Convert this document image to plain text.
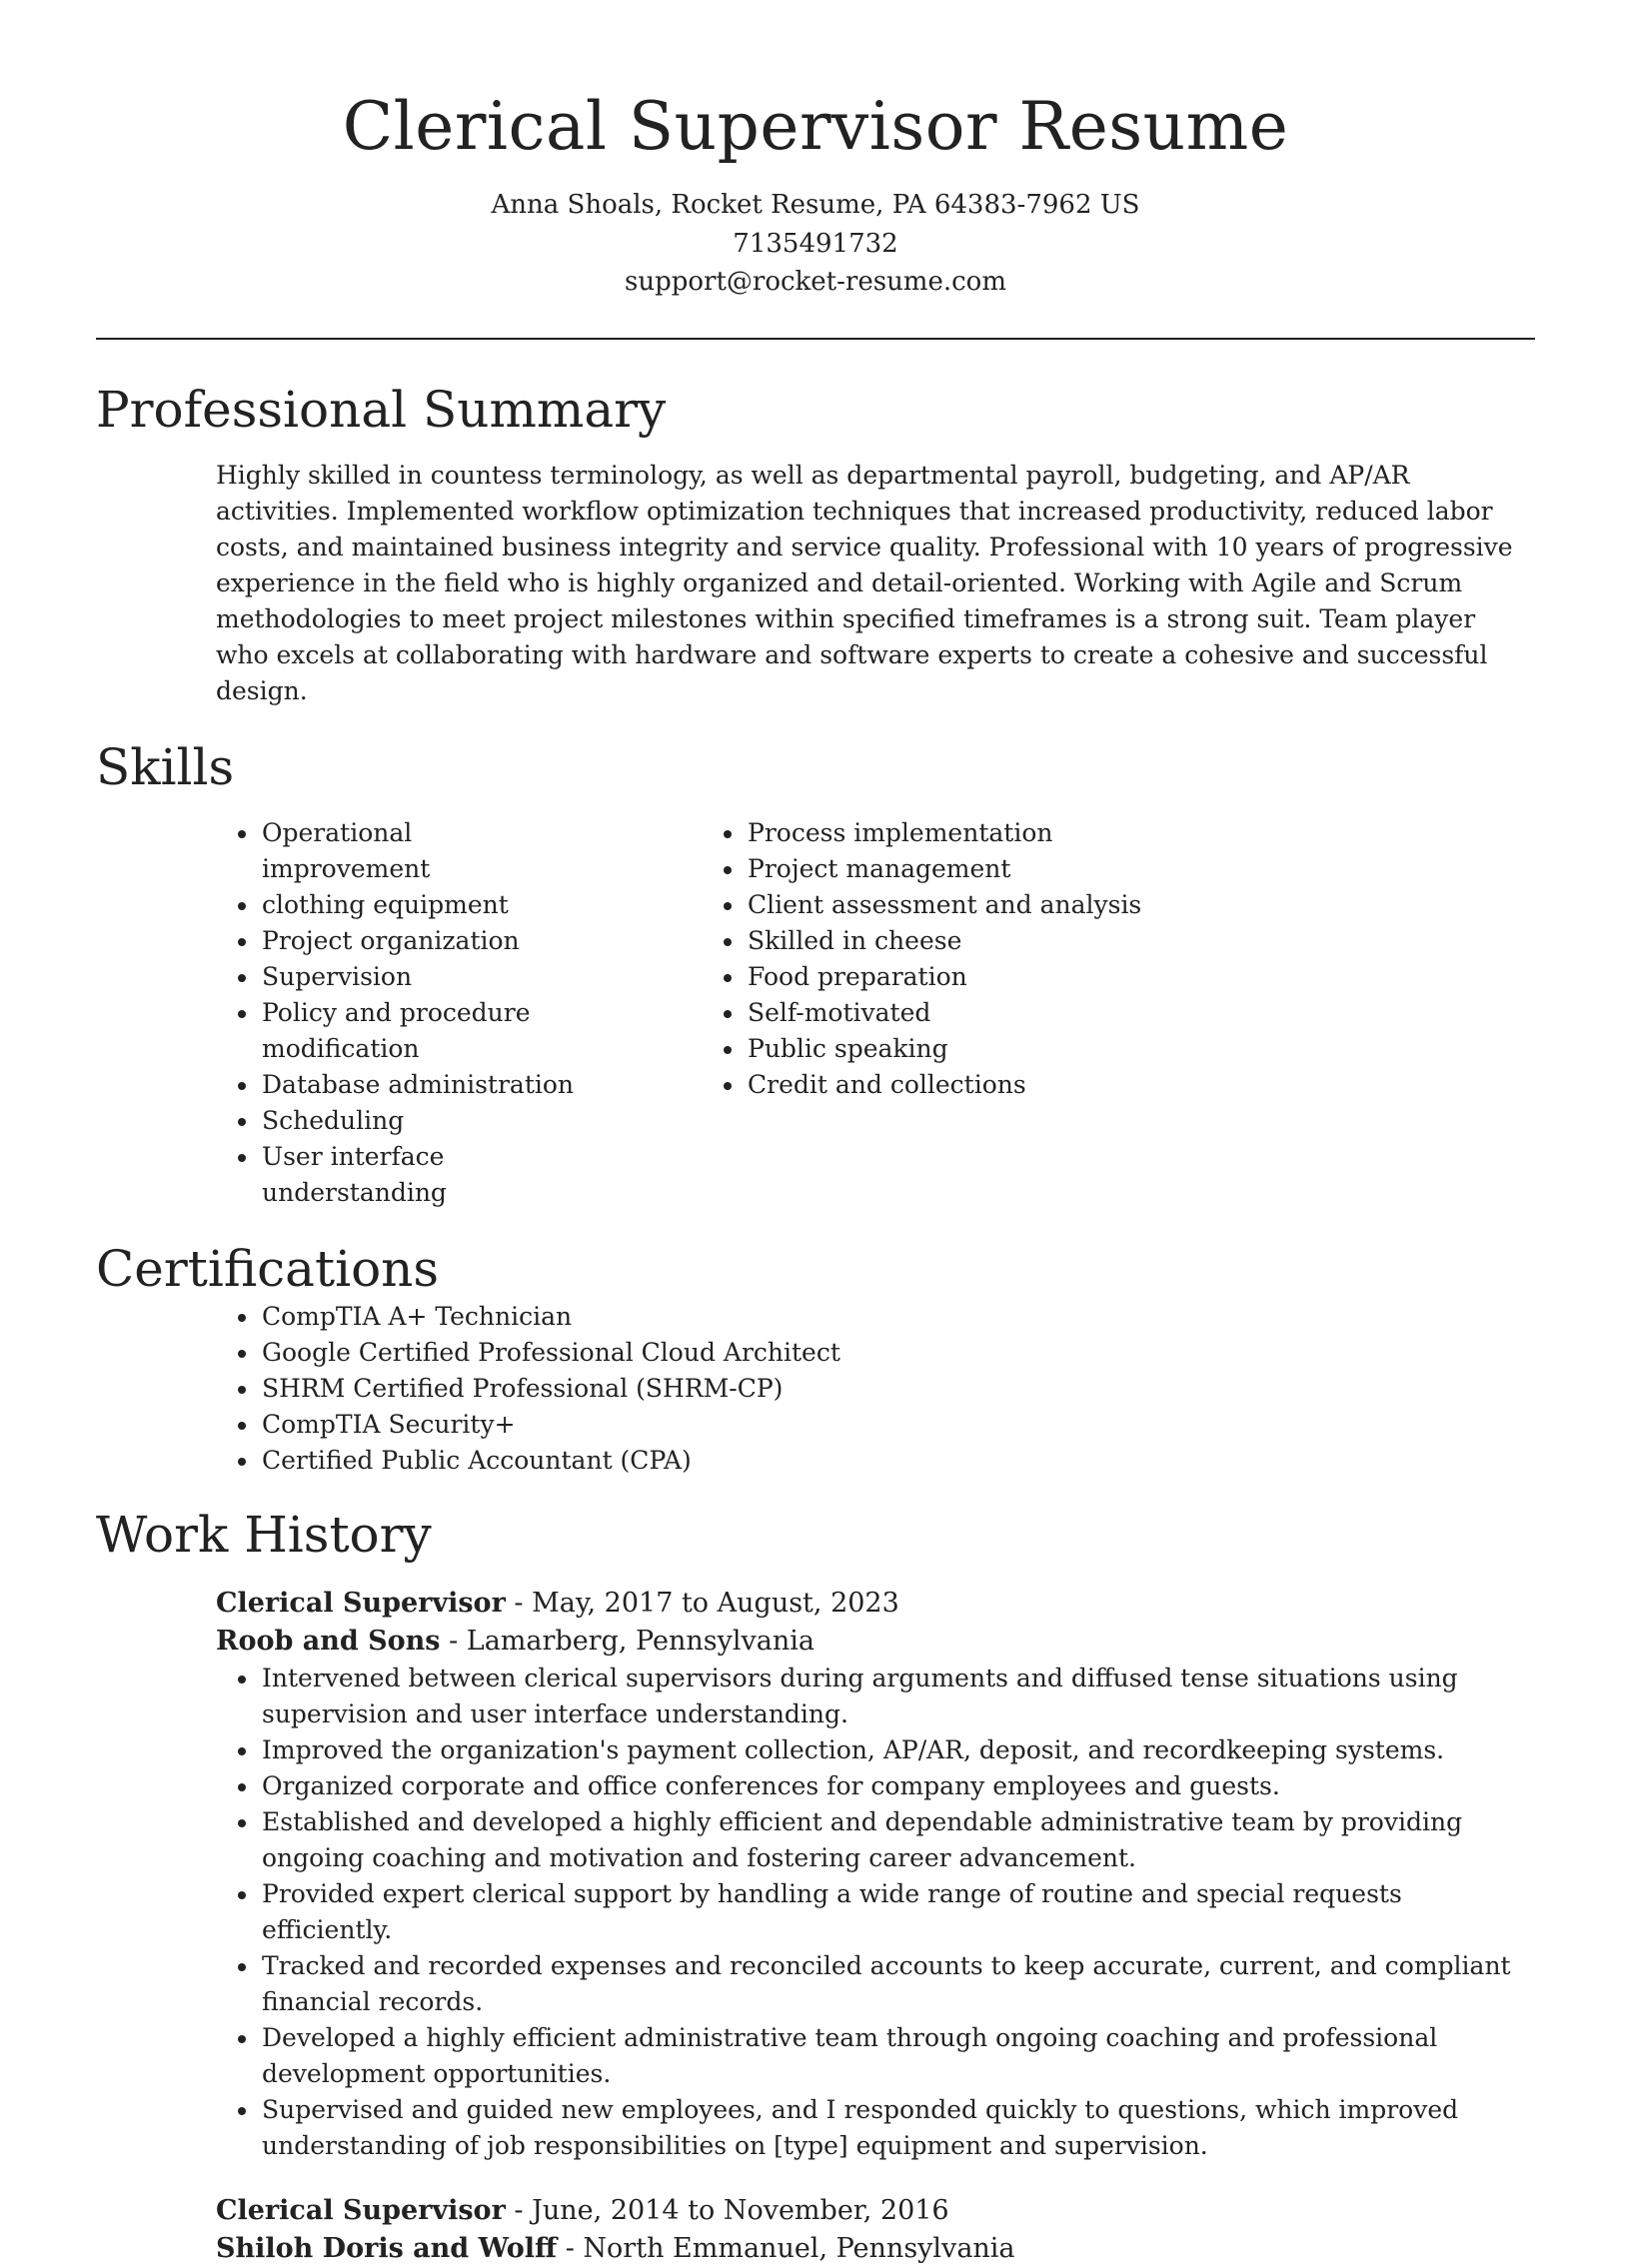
Clerical Supervisor Resume
Anna Shoals, Rocket Resume, PA 64383-7962 US
7135491732
support@rocket-resume.com
Professional Summary

Highly skilled in countess terminology, as well as departmental payroll, budgeting, and AP/AR activities. Implemented workflow optimization techniques that increased productivity, reduced labor costs, and maintained business integrity and service quality. Professional with 10 years of progressive experience in the field who is highly organized and detail-oriented. Working with Agile and Scrum methodologies to meet project milestones within specified timeframes is a strong suit. Team player who excels at collaborating with hardware and software experts to create a cohesive and successful design.

Skills
• Operational improvement
• clothing equipment
• Project organization
• Supervision
• Policy and procedure modification
• Database administration
• Scheduling
• User interface understanding
• Process implementation
• Project management
• Client assessment and analysis
• Skilled in cheese
• Food preparation
• Self-motivated
• Public speaking
• Credit and collections
Certifications
• CompTIA A+ Technician
• Google Certified Professional Cloud Architect
• SHRM Certified Professional (SHRM-CP)
• CompTIA Security+
• Certified Public Accountant (CPA)
Work History
Clerical Supervisor - May, 2017 to August, 2023
Roob and Sons - Lamarberg, Pennsylvania
• Intervened between clerical supervisors during arguments and diffused tense situations using supervision and user interface understanding.
• Improved the organization's payment collection, AP/AR, deposit, and recordkeeping systems.
• Organized corporate and office conferences for company employees and guests.
• Established and developed a highly efficient and dependable administrative team by providing ongoing coaching and motivation and fostering career advancement.
• Provided expert clerical support by handling a wide range of routine and special requests efficiently.
• Tracked and recorded expenses and reconciled accounts to keep accurate, current, and compliant financial records.
• Developed a highly efficient administrative team through ongoing coaching and professional development opportunities.
• Supervised and guided new employees, and I responded quickly to questions, which improved understanding of job responsibilities on [type] equipment and supervision.
Clerical Supervisor - June, 2014 to November, 2016
Shiloh Doris and Wolff - North Emmanuel, Pennsylvania
